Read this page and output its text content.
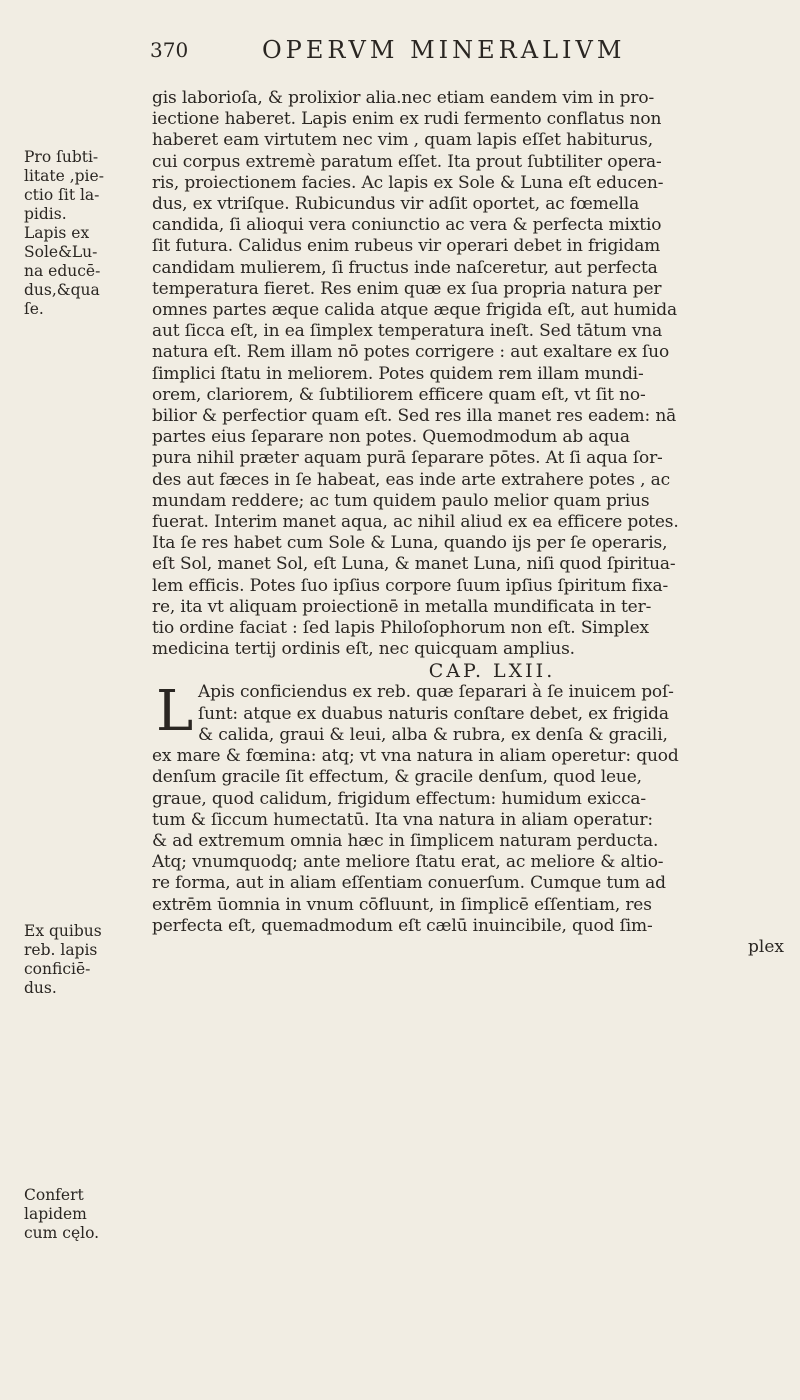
370	OPERVM MINERALIVM
Pro ſubti-
litate ,pie-
ctio ſit la-
pidis.
Lapis ex
Sole&Lu-
na educē-
dus,&qua
ſe.
Ex quibus
reb. lapis
conficiē-
dus.
Confert
lapidem
cum cęlo.
gis laborioſa, & prolixior alia.nec etiam eandem vim in pro-
iectione haberet. Lapis enim ex rudi fermento conflatus non
haberet eam virtutem nec vim , quam lapis eſſet habiturus,
cui corpus extremè paratum eſſet. Ita prout ſubtiliter opera-
ris, proiectionem facies. Ac lapis ex Sole & Luna eſt educen-
dus, ex vtriſque. Rubicundus vir adſit oportet, ac fœmella
candida, ſi alioqui vera coniunctio ac vera & perfecta mixtio
ſit futura. Calidus enim rubeus vir operari debet in frigidam
candidam mulierem, ſi fructus inde naſceretur, aut perfecta
temperatura fieret. Res enim quæ ex ſua propria natura per
omnes partes æque calida atque æque frigida eſt, aut humida
aut ſicca eſt, in ea ſimplex temperatura ineſt. Sed tātum vna
natura eſt. Rem illam nō potes corrigere : aut exaltare ex ſuo
ſimplici ſtatu in meliorem. Potes quidem rem illam mundi-
orem, clariorem, & ſubtiliorem efficere quam eſt, vt ſit no-
bilior & perfectior quam eſt. Sed res illa manet res eadem: nā
partes eius ſeparare non potes. Quemodmodum ab aqua
pura nihil præter aquam purā ſeparare pōtes. At ſi aqua ſor-
des aut fæces in ſe habeat, eas inde arte extrahere potes , ac
mundam reddere; ac tum quidem paulo melior quam prius
fuerat. Interim manet aqua, ac nihil aliud ex ea efficere potes.
Ita ſe res habet cum Sole & Luna, quando ijs per ſe operaris,
eſt Sol, manet Sol, eſt Luna, & manet Luna, niſi quod ſpiritua-
lem efficis. Potes ſuo ipſius corpore ſuum ipſius ſpiritum fixa-
re, ita vt aliquam proiectionē in metalla mundificata in ter-
tio ordine faciat : ſed lapis Philoſophorum non eſt. Simplex
medicina tertij ordinis eſt, nec quicquam amplius.
CAP. LXII.
L Apis conficiendus ex reb. quæ ſeparari à ſe inuicem poſ-
ſunt: atque ex duabus naturis conſtare debet, ex frigida
& calida, graui & leui, alba & rubra, ex denſa & gracili,
ex mare & fœmina: atq; vt vna natura in aliam operetur: quod
denſum gracile ſit effectum, & gracile denſum, quod leue,
graue, quod calidum, frigidum effectum: humidum exicca-
tum & ſiccum humectatū. Ita vna natura in aliam operatur:
& ad extremum omnia hæc in ſimplicem naturam perducta.
Atq; vnumquodq; ante meliore ſtatu erat, ac meliore & altio-
re forma, aut in aliam eſſentiam conuerſum. Cumque tum ad
extrēm ūomnia in vnum cōfluunt, in ſimplicē eſſentiam, res
perfecta eſt, quemadmodum eſt cælū inuincibile, quod ſim-
plex
